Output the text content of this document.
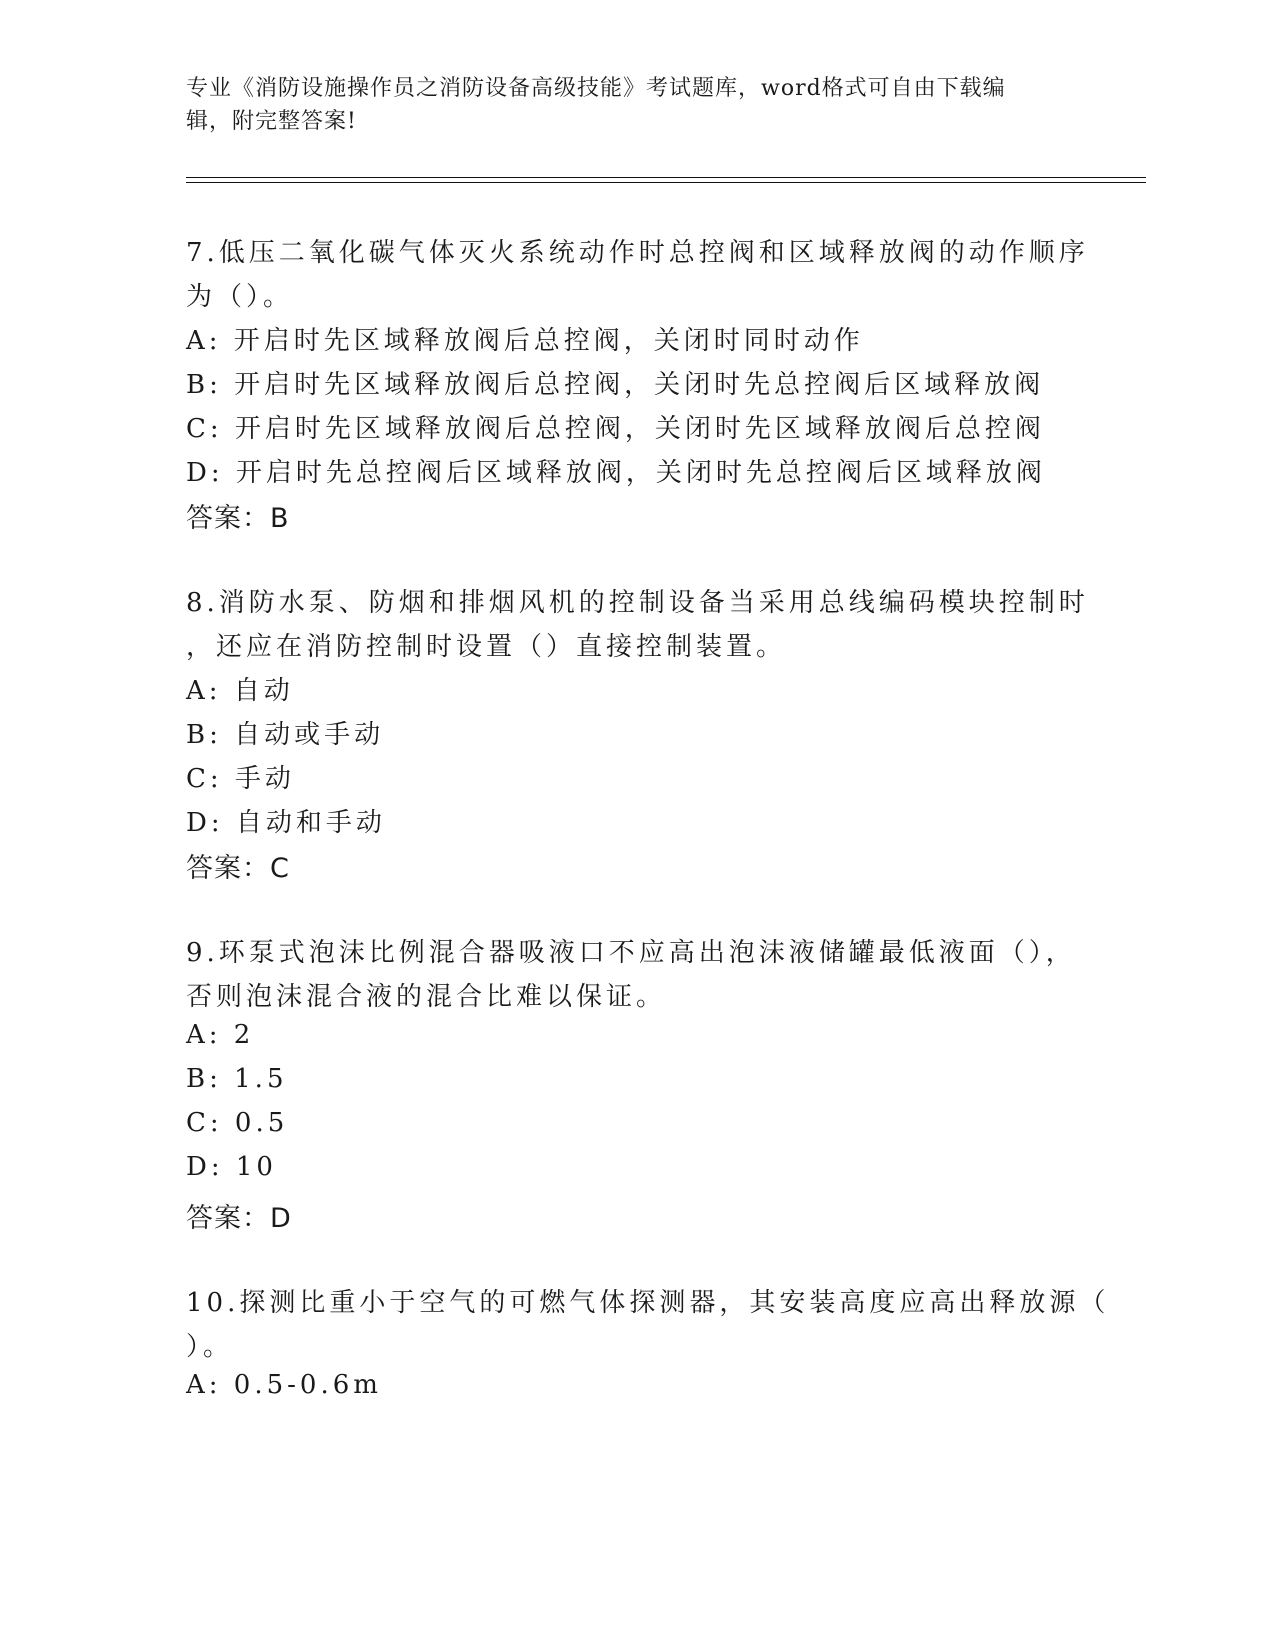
专业《消防设施操作员之消防设备高级技能》考试题库，word格式可自由下载编
辑，附完整答案!
7.低压二氧化碳气体灭火系统动作时总控阀和区域释放阀的动作顺序
为（）。
A: 开启时先区域释放阀后总控阀，关闭时同时动作
B: 开启时先区域释放阀后总控阀，关闭时先总控阀后区域释放阀
C: 开启时先区域释放阀后总控阀，关闭时先区域释放阀后总控阀
D: 开启时先总控阀后区域释放阀，关闭时先总控阀后区域释放阀
答案：B
8.消防水泵、防烟和排烟风机的控制设备当采用总线编码模块控制时
，还应在消防控制时设置（）直接控制装置。
A: 自动
B: 自动或手动
C: 手动
D: 自动和手动
答案：C
9.环泵式泡沫比例混合器吸液口不应高出泡沫液储罐最低液面（），
否则泡沫混合液的混合比难以保证。
A: 2
B: 1.5
C: 0.5
D: 10
答案：D
10.探测比重小于空气的可燃气体探测器，其安装高度应高出释放源（
）。
A: 0.5-0.6m
